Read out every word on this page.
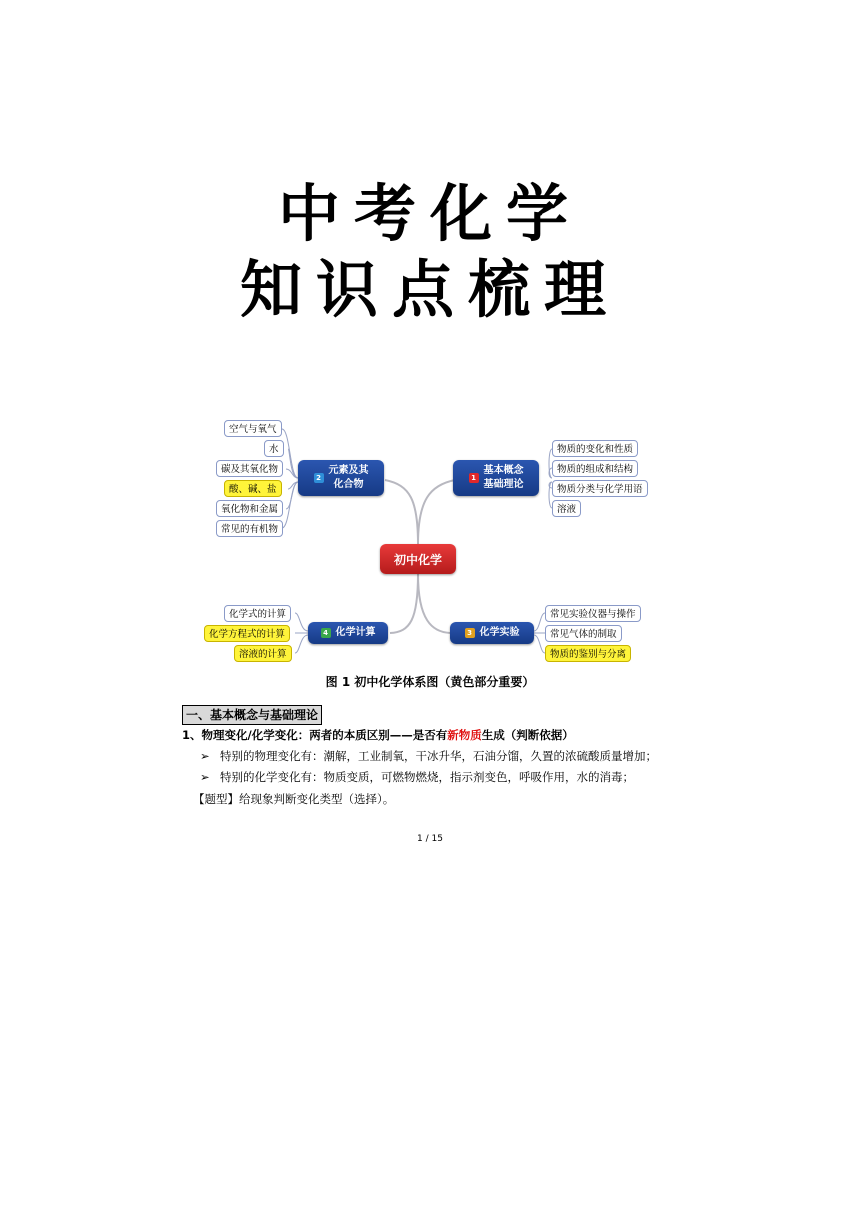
中考化学
知识点梳理
2
元素及其
化合物
1
基本概念
基础理论
4 化学计算	3 化学实验
初中化学
空气与氧气
水
碳及其氧化物
酸、碱、盐
氧化物和金属
常见的有机物
物质的变化和性质
物质的组成和结构
物质分类与化学用语
溶液
化学式的计算
化学方程式的计算
溶液的计算
常见实验仪器与操作
常见气体的制取
物质的鉴别与分离
图 1 初中化学体系图（黄色部分重要）
一、基本概念与基础理论
1、物理变化/化学变化：两者的本质区别——是否有新物质生成（判断依据）
➢ 特别的物理变化有：潮解，工业制氧，干冰升华，石油分馏，久置的浓硫酸质量增加；
➢ 特别的化学变化有：物质变质，可燃物燃烧，指示剂变色，呼吸作用，水的消毒；
【题型】给现象判断变化类型（选择）。
1 / 15
